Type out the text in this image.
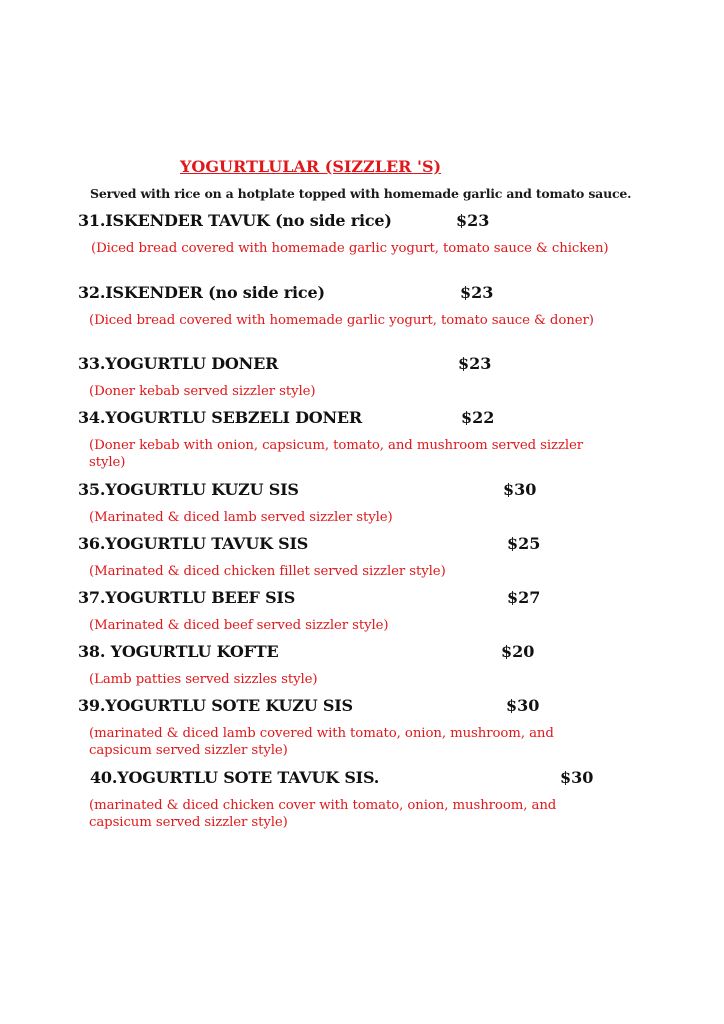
YOGURTLULAR (SIZZLER 'S)
Served with rice on a hotplate topped with homemade garlic and tomato sauce.
31.ISKENDER TAVUK (no side rice)	$23
(Diced bread covered with homemade garlic yogurt, tomato sauce & chicken)
32.ISKENDER (no side rice)	$23
(Diced bread covered with homemade garlic yogurt, tomato sauce & doner)
33.YOGURTLU DONER	$23
(Doner kebab served sizzler style)
34.YOGURTLU SEBZELI DONER	$22
(Doner kebab with onion, capsicum, tomato, and mushroom served sizzler style)
35.YOGURTLU KUZU SIS	$30
(Marinated & diced lamb served sizzler style)
36.YOGURTLU TAVUK SIS	$25
(Marinated & diced chicken fillet served sizzler style)
37.YOGURTLU BEEF SIS	$27
(Marinated & diced beef served sizzler style)
38. YOGURTLU KOFTE	$20
(Lamb patties served sizzles style)
39.YOGURTLU SOTE KUZU SIS	$30
(marinated & diced lamb covered with tomato, onion, mushroom, and capsicum served sizzler style)
40.YOGURTLU SOTE TAVUK SIS.	$30
(marinated & diced chicken cover with tomato, onion, mushroom, and capsicum served sizzler style)
